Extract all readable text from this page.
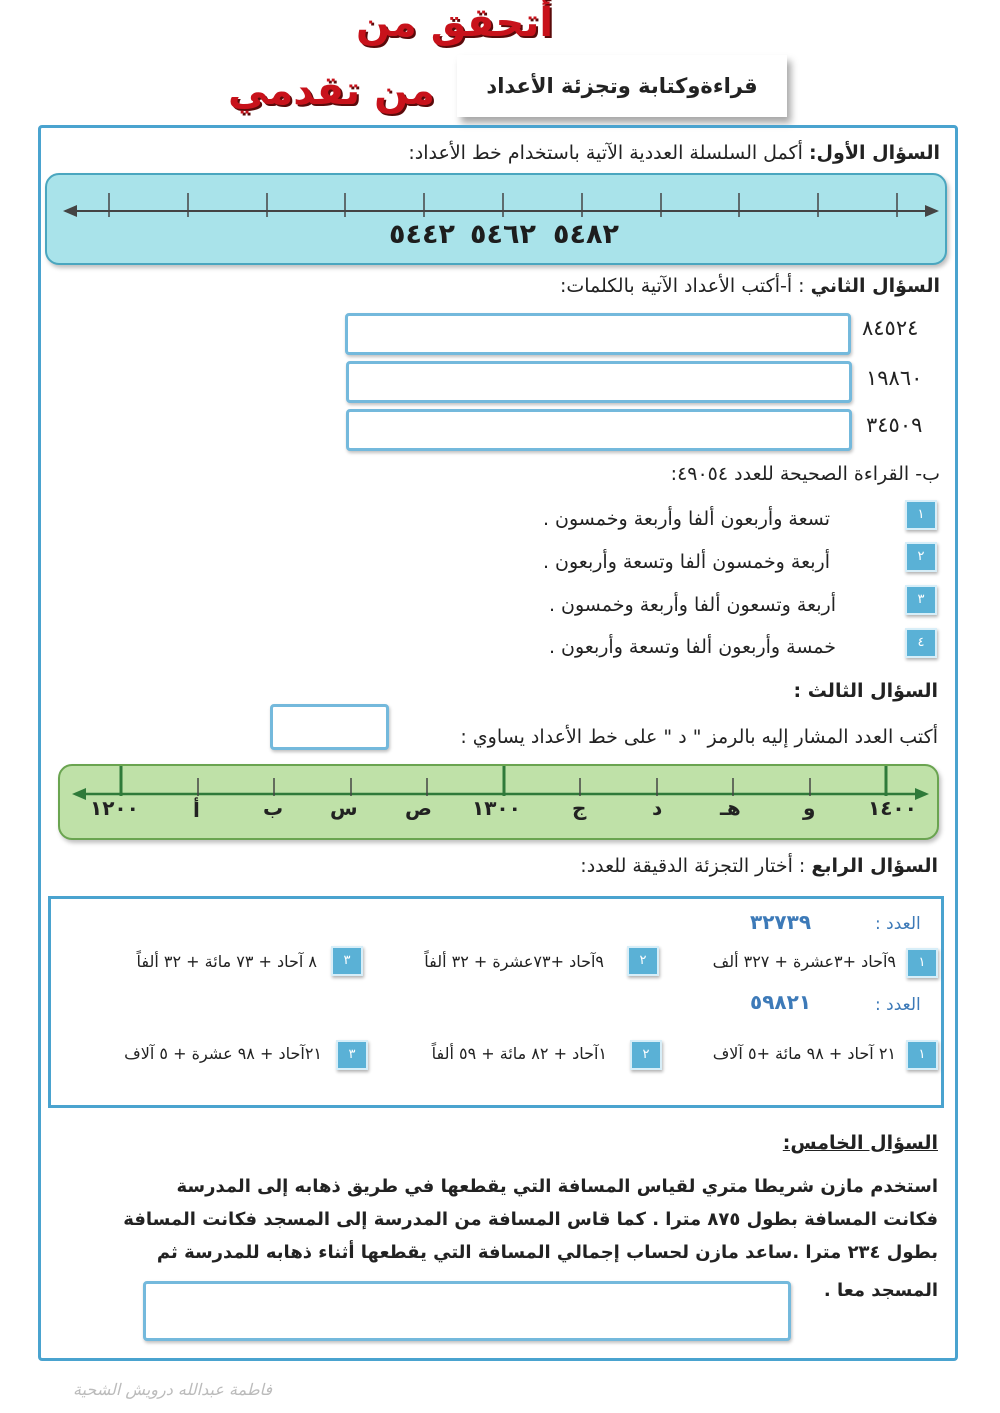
أتحقق من
من تقدمي	قراءةوكتابة وتجزئة الأعداد
السؤال الأول: أكمل السلسلة العددية الآتية باستخدام خط الأعداد:
٥٤٤٢ ٥٤٦٢ ٥٤٨٢
السؤال الثاني : أ-أكتب الأعداد الآتية بالكلمات:
٨٤٥٢٤
١٩٨٦٠
٣٤٥٠٩
ب- القراءة الصحيحة للعدد ٤٩٠٥٤:
١
تسعة وأربعون ألفا وأربعة وخمسون .
٢
أربعة وخمسون ألفا وتسعة وأربعون .
٣
أربعة وتسعون ألفا وأربعة وخمسون .
٤
خمسة وأربعون ألفا وتسعة وأربعون .
السؤال الثالث :
أكتب العدد المشار إليه بالرمز " د " على خط الأعداد يساوي :
١٤٠٠
و
هـ
د
ج
١٣٠٠
ص
س
ب
أ
١٢٠٠
السؤال الرابع : أختار التجزئة الدقيقة للعدد:
العدد :
٣٢٧٣٩
١
٩آحاد +٣عشرة + ٣٢٧ ألف
٢
٩آحاد +٧٣عشرة + ٣٢ ألفاً
٣
٨ آحاد + ٧٣ مائة + ٣٢ ألفاً
العدد :
٥٩٨٢١
١
٢١ آحاد + ٩٨ مائة +٥ آلاف
٢
١آحاد + ٨٢ مائة + ٥٩ ألفاً
٣
٢١آحاد + ٩٨ عشرة + ٥ آلاف
السؤال الخامس:
استخدم مازن شريطا متري لقياس المسافة التي يقطعها في طريق ذهابه إلى المدرسة
فكانت المسافة بطول ٨٧٥ مترا . كما قاس المسافة من المدرسة إلى المسجد فكانت المسافة
بطول ٢٣٤ مترا .ساعد مازن لحساب إجمالي المسافة التي يقطعها أثناء ذهابه للمدرسة ثم
المسجد معا .
فاطمة عبدالله درويش الشحية
